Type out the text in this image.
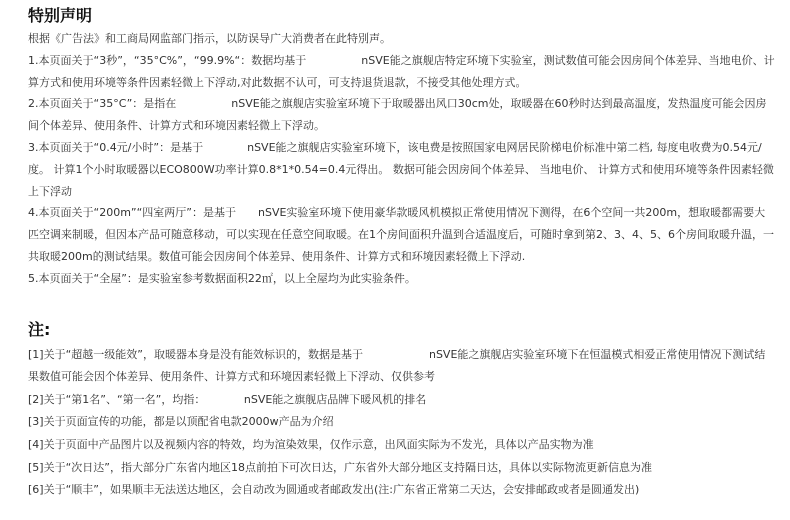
特别声明

根据《广告法》和工商局网监部门指示，以防误导广大消费者在此特別声。

1.本页面关于“3秒”，“35°C%”，“99.9%“：数据均基于　　　　　nSVE能之旗舰店特定环境下实验室，测试数值可能会因房间个体差异、当地电价、计算方式和使用环境等条件因素轻微上下浮动,对此数据不认可，可支持退货退款，不接受其他处理方式。

2.本页面关于“35°C”：是指在　　　　　nSVE能之旗舰店实验室环境下于取暖器出风口30cm处，取暖器在60秒时达到最高温度，发热温度可能会因房间个体差异、使用条件、计算方式和环境因素轻微上下浮动。

3.本页面关于“0.4元/小时”：是基于　　　　nSVE能之旗舰店实验室环境下，该电费是按照国家电网居民阶梯电价标准中第二档, 每度电收费为0.54元/度。 计算1个小时取暖器以ECO800W功率计算0.8*1*0.54=0.4元得出。 数据可能会因房间个体差异、 当地电价、 计算方式和使用环境等条件因素轻微上下浮动

4.本页面关于“200m”“四室两厅”：是基于　　nSVE实验室环境下使用豪华款暖风机模拟正常使用情况下测得，在6个空间一共200m，想取暖都需要大匹空调来制暖，但因本产品可随意移动，可以实现在任意空间取暖。在1个房间面积升温到合适温度后，可随时拿到第2、3、4、5、6个房间取暖升温，一共取暖200m的测试结果。数值可能会因房间个体差异、使用条件、计算方式和环境因素轻微上下浮动.

5.本页面关于“全屋”：是实验室参考数据面积22㎡，以上全屋均为此实验条件。

注:

[1]关于“超越一级能效”，取暖器本身是没有能效标识的，数据是基于　　　　　　nSVE能之旗舰店实验室环境下在恒温模式相爱正常使用情况下测试结果数值可能会因个体差异、使用条件、计算方式和环境因素轻微上下浮动、仅供参考

[2]关于“第1名”、“第一名”，均指：　　　　nSVE能之旗舰店品牌下暖风机的排名

[3]关于页面宣传的功能，都是以顶配省电款2000w产品为介绍

[4]关于页面中产品图片以及视频内容的特效，均为渲染效果，仅作示意，出风面实际为不发光，具体以产品实物为准

[5]关于“次日达”，指大部分广东省内地区18点前拍下可次日达，广东省外大部分地区支持隔日达，具体以实际物流更新信息为准

[6]关于“顺丰”，如果顺丰无法送达地区，会自动改为圆通或者邮政发出(注:广东省正常第二天达，会安排邮政或者是圆通发出)
